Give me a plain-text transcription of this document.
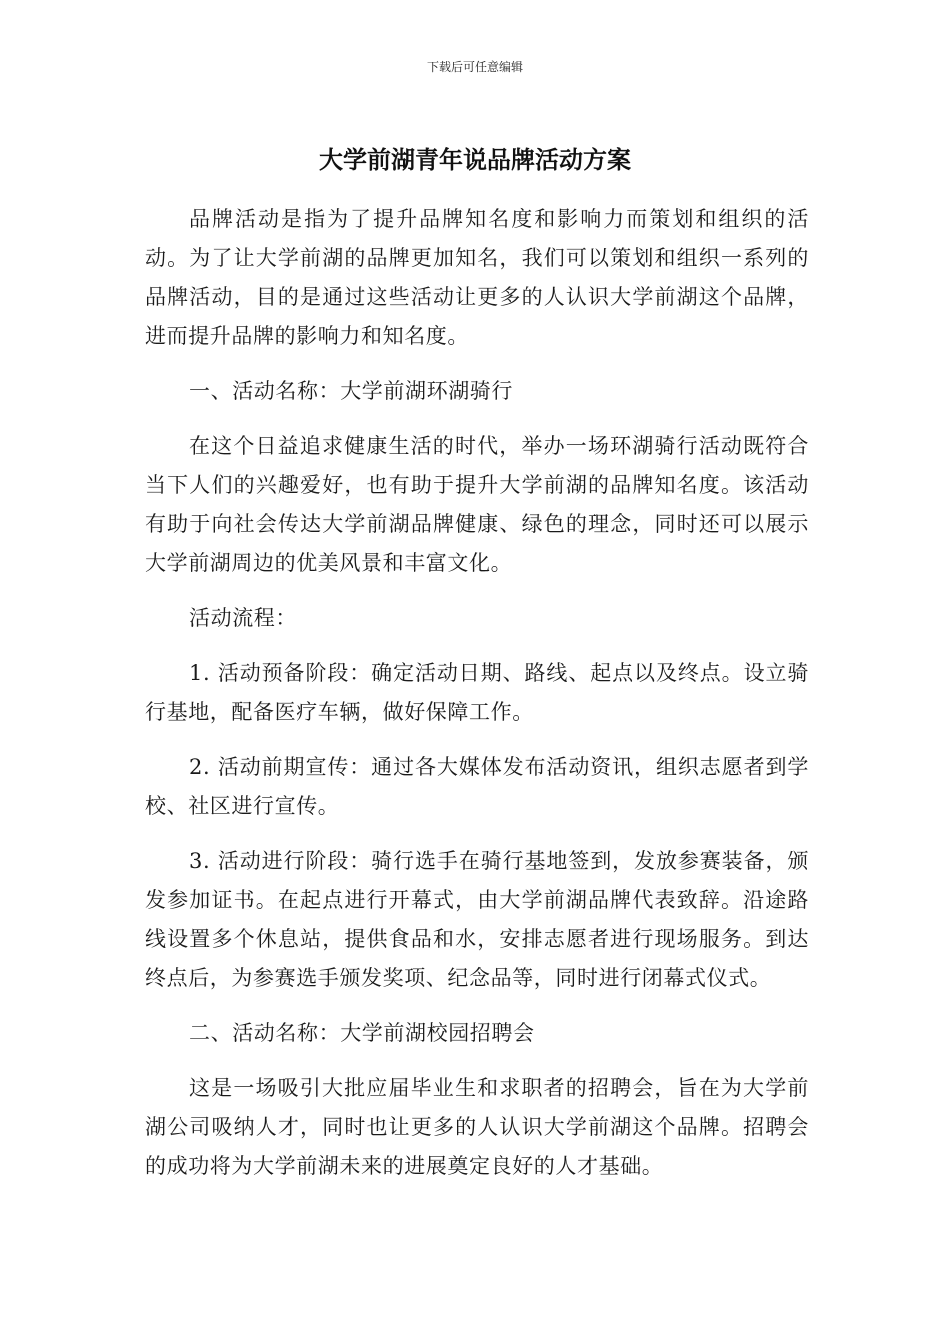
下载后可任意编辑
大学前湖青年说品牌活动方案

品牌活动是指为了提升品牌知名度和影响力而策划和组织的活动。为了让大学前湖的品牌更加知名，我们可以策划和组织一系列的品牌活动，目的是通过这些活动让更多的人认识大学前湖这个品牌，进而提升品牌的影响力和知名度。

一、活动名称：大学前湖环湖骑行

在这个日益追求健康生活的时代，举办一场环湖骑行活动既符合当下人们的兴趣爱好，也有助于提升大学前湖的品牌知名度。该活动有助于向社会传达大学前湖品牌健康、绿色的理念，同时还可以展示大学前湖周边的优美风景和丰富文化。

活动流程：

1. 活动预备阶段：确定活动日期、路线、起点以及终点。设立骑行基地，配备医疗车辆，做好保障工作。

2. 活动前期宣传：通过各大媒体发布活动资讯，组织志愿者到学校、社区进行宣传。

3. 活动进行阶段：骑行选手在骑行基地签到，发放参赛装备，颁发参加证书。在起点进行开幕式，由大学前湖品牌代表致辞。沿途路线设置多个休息站，提供食品和水，安排志愿者进行现场服务。到达终点后，为参赛选手颁发奖项、纪念品等，同时进行闭幕式仪式。

二、活动名称：大学前湖校园招聘会

这是一场吸引大批应届毕业生和求职者的招聘会，旨在为大学前湖公司吸纳人才，同时也让更多的人认识大学前湖这个品牌。招聘会的成功将为大学前湖未来的进展奠定良好的人才基础。
